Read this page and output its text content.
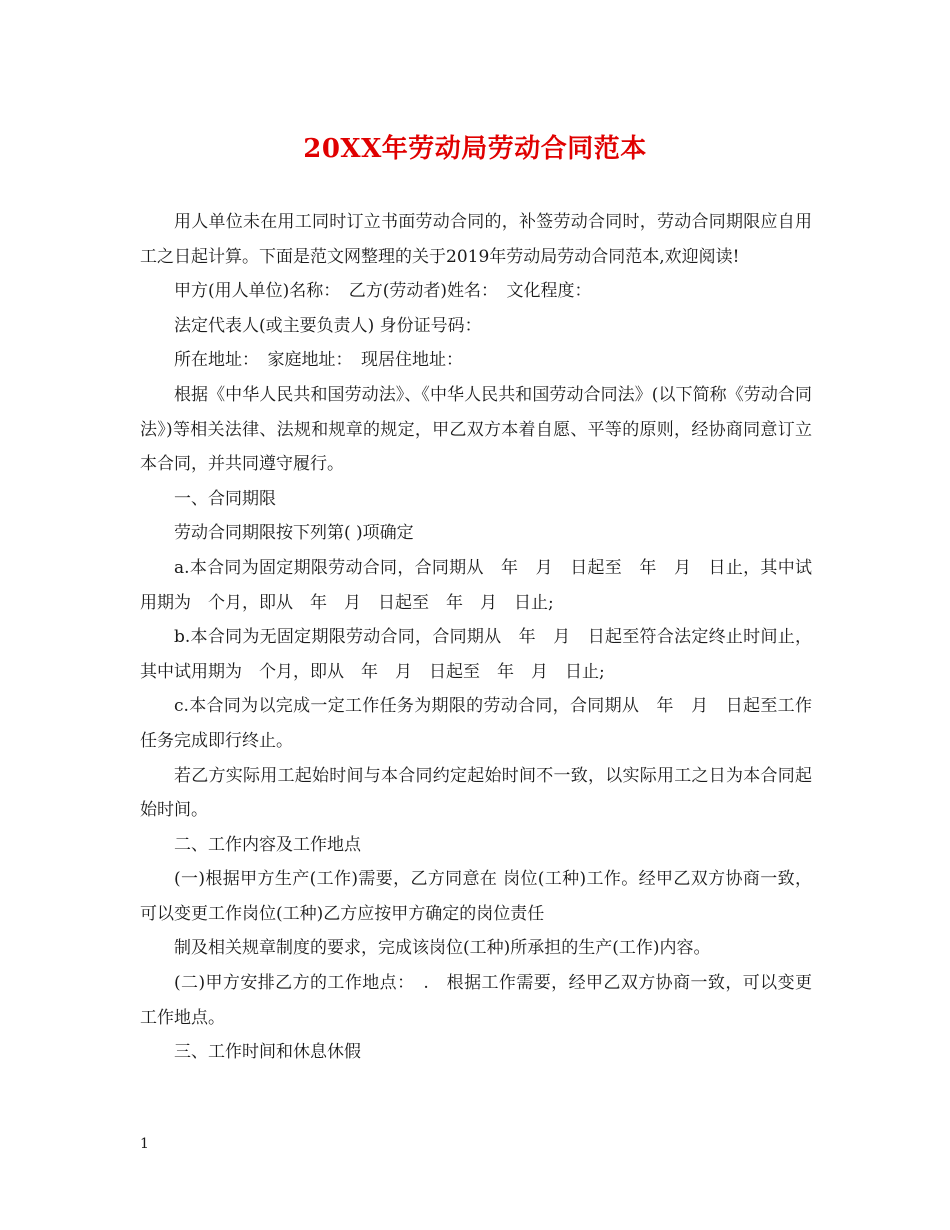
20XX年劳动局劳动合同范本

用人单位未在用工同时订立书面劳动合同的，补签劳动合同时，劳动合同期限应自用工之日起计算。下面是范文网整理的关于2019年劳动局劳动合同范本,欢迎阅读!

甲方(用人单位)名称：　乙方(劳动者)姓名：　文化程度：

法定代表人(或主要负责人) 身份证号码：

所在地址：　家庭地址：　现居住地址：

根据《中华人民共和国劳动法》、《中华人民共和国劳动合同法》(以下简称《劳动合同法》)等相关法律、法规和规章的规定，甲乙双方本着自愿、平等的原则，经协商同意订立本合同，并共同遵守履行。

一、合同期限

劳动合同期限按下列第( )项确定

a.本合同为固定期限劳动合同，合同期从　年　月　日起至　年　月　日止，其中试用期为　个月，即从　年　月　日起至　年　月　日止;

b.本合同为无固定期限劳动合同，合同期从　年　月　日起至符合法定终止时间止，其中试用期为　个月，即从　年　月　日起至　年　月　日止;

c.本合同为以完成一定工作任务为期限的劳动合同，合同期从　年　月　日起至工作任务完成即行终止。

若乙方实际用工起始时间与本合同约定起始时间不一致，以实际用工之日为本合同起始时间。

二、工作内容及工作地点

(一)根据甲方生产(工作)需要，乙方同意在 岗位(工种)工作。经甲乙双方协商一致，可以变更工作岗位(工种)乙方应按甲方确定的岗位责任

制及相关规章制度的要求，完成该岗位(工种)所承担的生产(工作)内容。

(二)甲方安排乙方的工作地点：　.　根据工作需要，经甲乙双方协商一致，可以变更工作地点。

三、工作时间和休息休假

1
